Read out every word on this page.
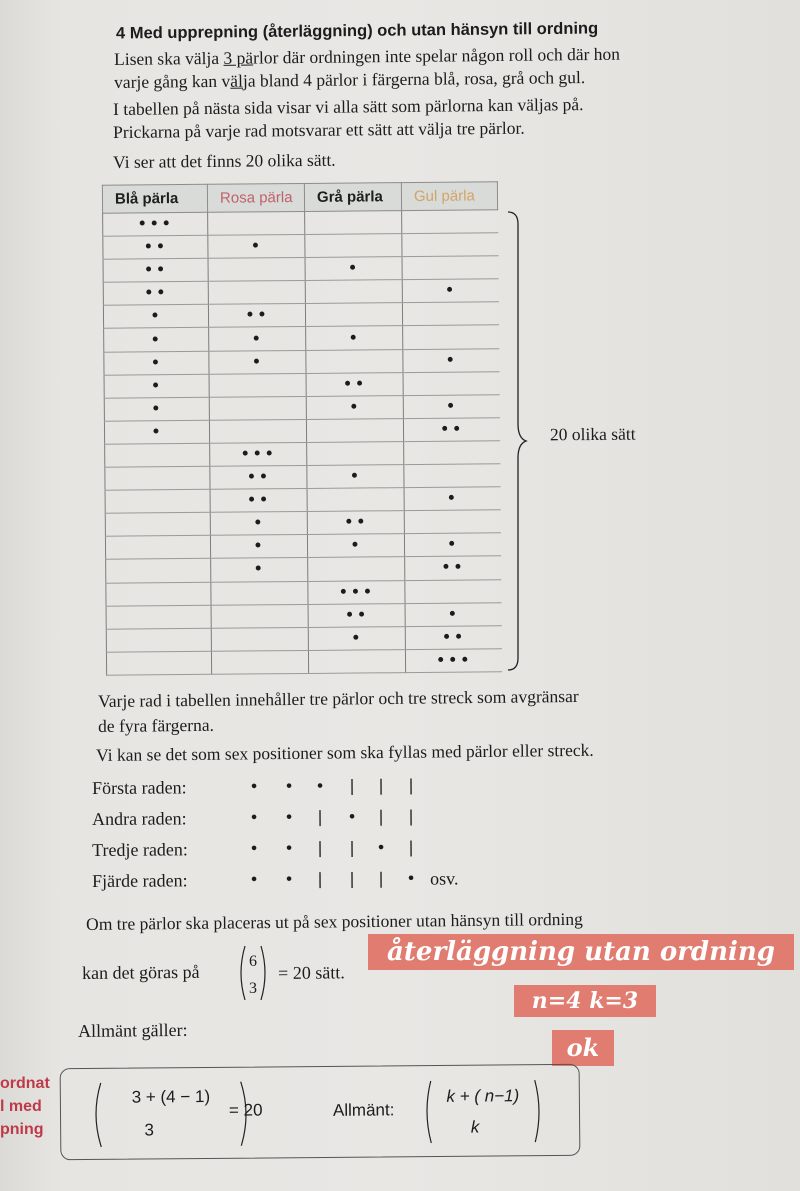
4 Med upprepning (återläggning) och utan hänsyn till ordning
Lisen ska välja 3 pärlor där ordningen inte spelar någon roll och där hon
varje gång kan välja bland 4 pärlor i färgerna blå, rosa, grå och gul.
I tabellen på nästa sida visar vi alla sätt som pärlorna kan väljas på.
Prickarna på varje rad motsvarar ett sätt att välja tre pärlor.
Vi ser att det finns 20 olika sätt.
Blå pärla	Rosa pärla	Grå pärla	Gul pärla
•••			
••	•		
••		•	
••			•
•	••		
•	•	•	
•	•		•
•		••	
•		•	•
•			••
	•••		
	••	•	
	••		•
	•	••	
	•	•	•
	•		••
		•••	
		••	•
		•	••
			•••
20 olika sätt
Varje rad i tabellen innehåller tre pärlor och tre streck som avgränsar
de fyra färgerna.
Vi kan se det som sex positioner som ska fyllas med pärlor eller streck.
Första raden:	•	•	•	|	|	|
Andra raden:	•	•	|	•	|	|
Tredje raden:	•	•	|	|	•	|
Fjärde raden:	•	•	|	|	|	• osv.
Om tre pärlor ska placeras ut på sex positioner utan hänsyn till ordning
kan det göras på
6
3
= 20 sätt.
Allmänt gäller:
återläggning utan ordning
n=4 k=3
ok
ordnat
l med
pning
3 + (4 − 1)
3
= 20	Allmänt:
k + ( n−1)
k
